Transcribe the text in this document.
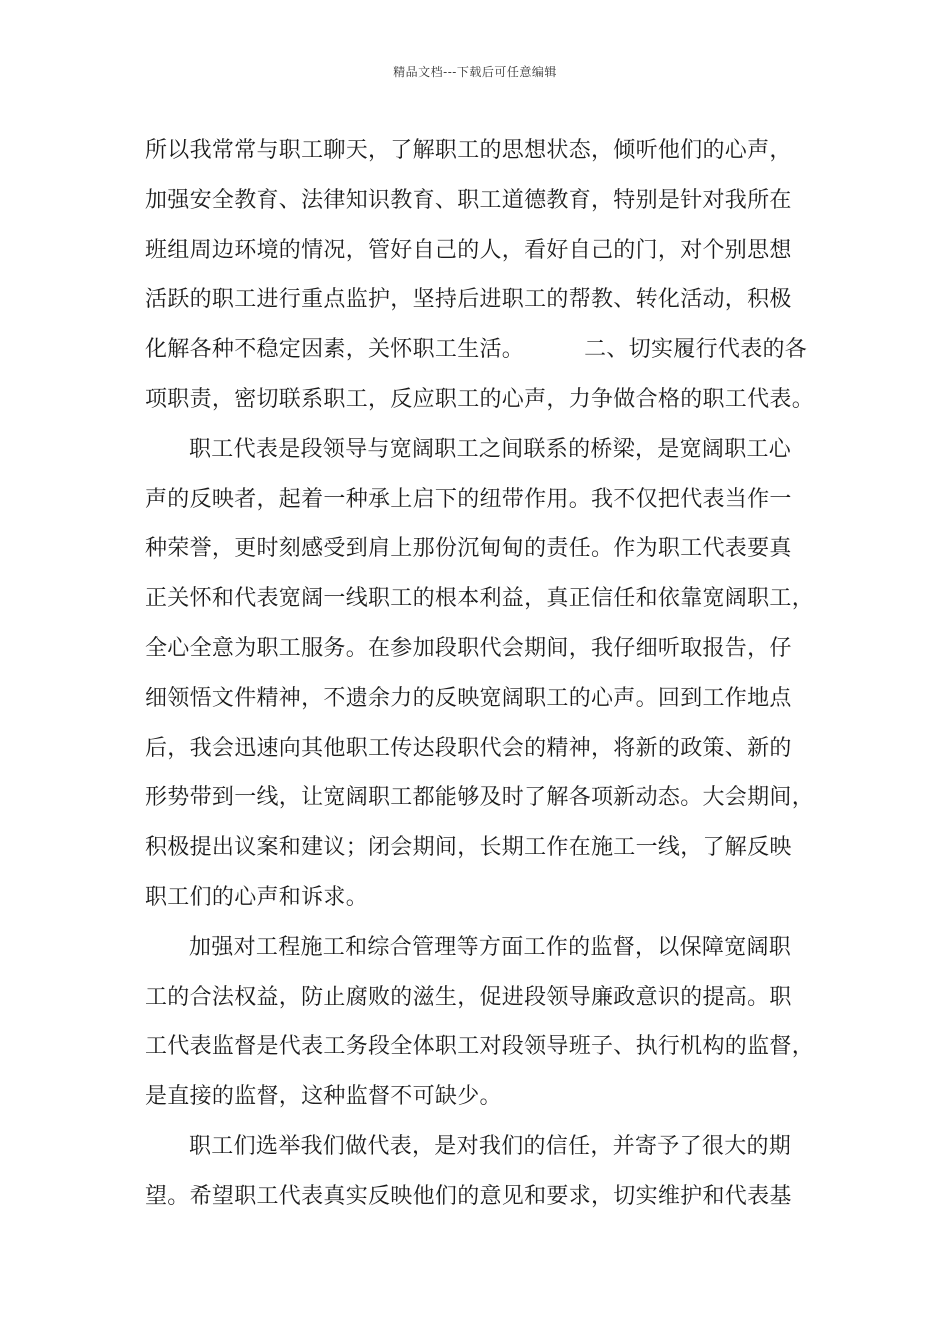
精品文档---下载后可任意编辑
所以我常常与职工聊天，了解职工的思想状态，倾听他们的心声，
加强安全教育、法律知识教育、职工道德教育，特别是针对我所在
班组周边环境的情况，管好自己的人，看好自己的门，对个别思想
活跃的职工进行重点监护，坚持后进职工的帮教、转化活动，积极
化解各种不稳定因素，关怀职工生活。	二、切实履行代表的各
项职责，密切联系职工，反应职工的心声，力争做合格的职工代表。
职工代表是段领导与宽阔职工之间联系的桥梁，是宽阔职工心
声的反映者，起着一种承上启下的纽带作用。我不仅把代表当作一
种荣誉，更时刻感受到肩上那份沉甸甸的责任。作为职工代表要真
正关怀和代表宽阔一线职工的根本利益，真正信任和依靠宽阔职工，
全心全意为职工服务。在参加段职代会期间，我仔细听取报告，仔
细领悟文件精神，不遗余力的反映宽阔职工的心声。回到工作地点
后，我会迅速向其他职工传达段职代会的精神，将新的政策、新的
形势带到一线，让宽阔职工都能够及时了解各项新动态。大会期间，
积极提出议案和建议；闭会期间，长期工作在施工一线，了解反映
职工们的心声和诉求。
加强对工程施工和综合管理等方面工作的监督，以保障宽阔职
工的合法权益，防止腐败的滋生，促进段领导廉政意识的提高。职
工代表监督是代表工务段全体职工对段领导班子、执行机构的监督，
是直接的监督，这种监督不可缺少。
职工们选举我们做代表，是对我们的信任，并寄予了很大的期
望。希望职工代表真实反映他们的意见和要求，切实维护和代表基
